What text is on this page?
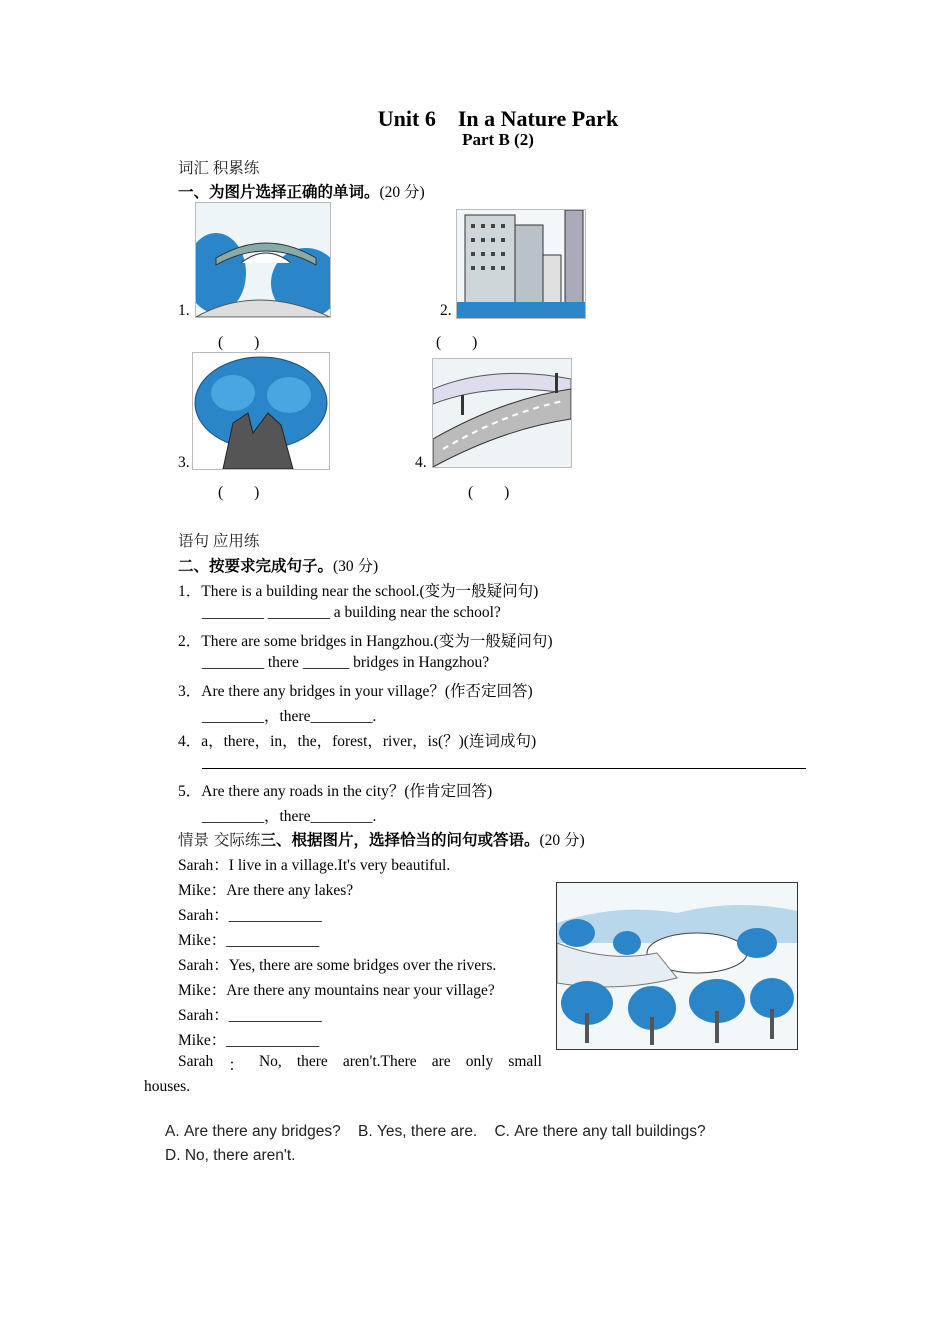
Unit 6　In a Nature Park
Part B (2)
词汇 积累练
一、为图片选择正确的单词。(20 分)
1.
(　　)
2.
(　　)
3.
(　　)
4.
(　　)
语句 应用练
二、按要求完成句子。(30 分)
1．There is a building near the school.(变为一般疑问句)
________ ________ a building near the school?
2．There are some bridges in Hangzhou.(变为一般疑问句)
________ there ______ bridges in Hangzhou?
3．Are there any bridges in your village？(作否定回答)
________，there________.
4．a，there，in，the，forest，river，is(？)(连词成句)
5．Are there any roads in the city？(作肯定回答)
________，there________.
情景 交际练三、根据图片，选择恰当的问句或答语。(20 分)
Sarah：I live in a village.It's very beautiful.
Mike：Are there any lakes?
Sarah：____________
Mike：____________
Sarah：Yes, there are some bridges over the rivers.
Mike：Are there any mountains near your village?
Sarah：____________
Mike：____________
Sarah ： No, there aren't.There are only small
houses.
A. Are there any bridges? B. Yes, there are. C. Are there any tall buildings?
D. No, there aren't.
